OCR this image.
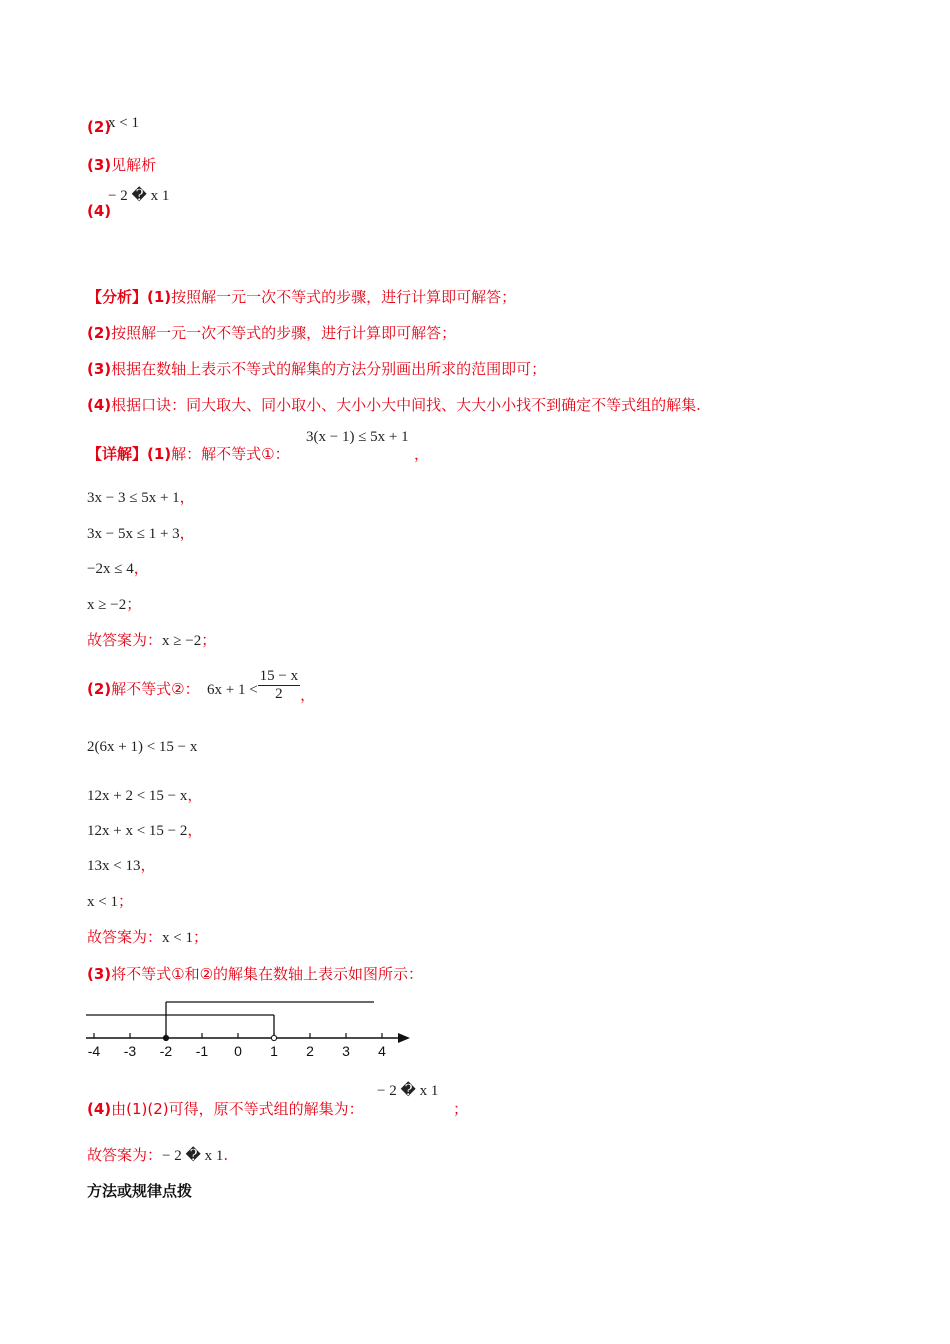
(2)
x < 1
(3)见解析
− 2 � x 1
(4)
【分析】(1)按照解一元一次不等式的步骤，进行计算即可解答；
(2)按照解一元一次不等式的步骤，进行计算即可解答；
(3)根据在数轴上表示不等式的解集的方法分别画出所求的范围即可；
(4)根据口诀：同大取大、同小取小、大小小大中间找、大大小小找不到确定不等式组的解集.
【详解】(1)解：解不等式①：
3(x − 1) ≤ 5x + 1
，
3x − 3 ≤ 5x + 1，
3x − 5x ≤ 1 + 3，
−2x ≤ 4，
x ≥ −2；
故答案为：x ≥ −2；
(2)解不等式②： $6x + 1 < \frac{15 - x}{2}$ ，
2(6x + 1) < 15 − x
12x + 2 < 15 − x，
12x + x < 15 − 2，
13x < 13，
x < 1；
故答案为：x < 1；
(3)将不等式①和②的解集在数轴上表示如图所示：
-4 -3 -2 -1 0 1 2 3 4
(4)由(1)(2)可得，原不等式组的解集为：
− 2 � x 1
；
故答案为：− 2 � x 1.
方法或规律点拨
